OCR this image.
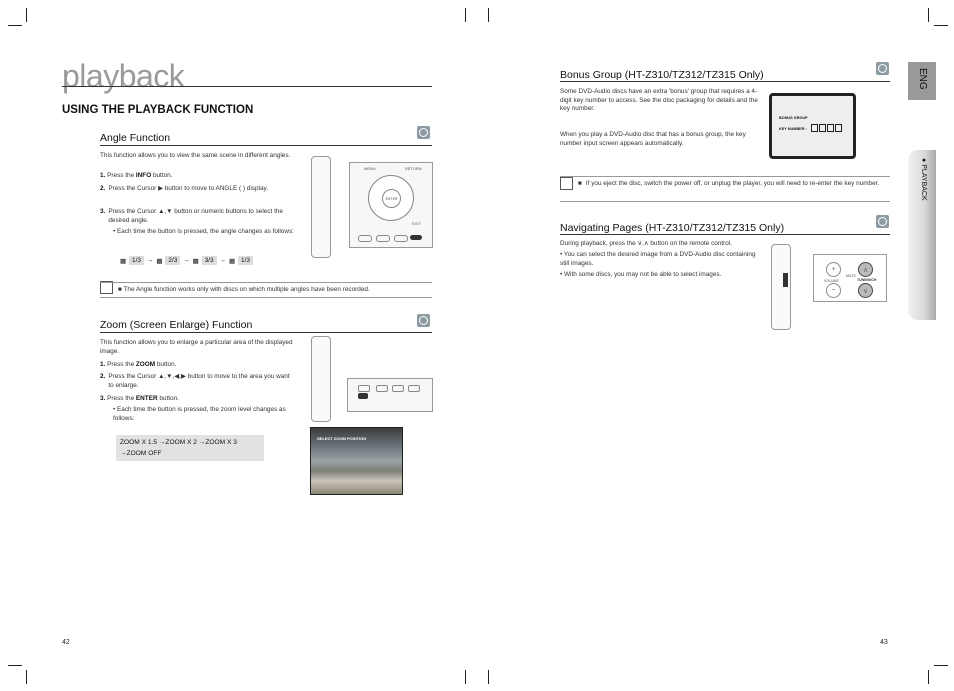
playback
USING THE PLAYBACK FUNCTION
Angle Function
This function allows you to view the same scene in different angles.
1. Press the INFO button.
2. Press the Cursor ▶ button to move to ANGLE ( ) display.
3. Press the Cursor ▲,▼ button or numeric buttons to select the desired angle.
• Each time the button is pressed, the angle changes as follows:
▩ 1/3 → ▩ 2/3 → ▩ 3/3 → ▩ 1/3
MENU	RETURN
ENTER
EXIT
■ The Angle function works only with discs on which multiple angles have been recorded.
Zoom (Screen Enlarge) Function
This function allows you to enlarge a particular area of the displayed image.
1. Press the ZOOM button.
2. Press the Cursor ▲,▼,◀,▶ button to move to the area you want to enlarge.
3. Press the ENTER button.
• Each time the button is pressed, the zoom level changes as follows:
ZOOM X 1.5 →ZOOM X 2 →ZOOM X 3
→ZOOM OFF
SELECT ZOOM POSITION
42
Bonus Group (HT-Z310/TZ312/TZ315 Only)
Some DVD-Audio discs have an extra 'bonus' group that requires a 4-digit key number to access. See the disc packaging for details and the key number.
When you play a DVD-Audio disc that has a bonus group, the key number input screen appears automatically.
BONUS GROUP
KEY NUMBER :
■ If you eject the disc, switch the power off, or unplug the player, you will need to re-enter the key number.
Navigating Pages (HT-Z310/TZ312/TZ315 Only)
During playback, press the ∨,∧ button on the remote control.
• You can select the desired image from a DVD-Audio disc containing still images.
• With some discs, you may not be able to select images.
+
−
MUTE
VOLUME
∧
∨
TUNING/CH
ENG
● PLAYBACK
43
